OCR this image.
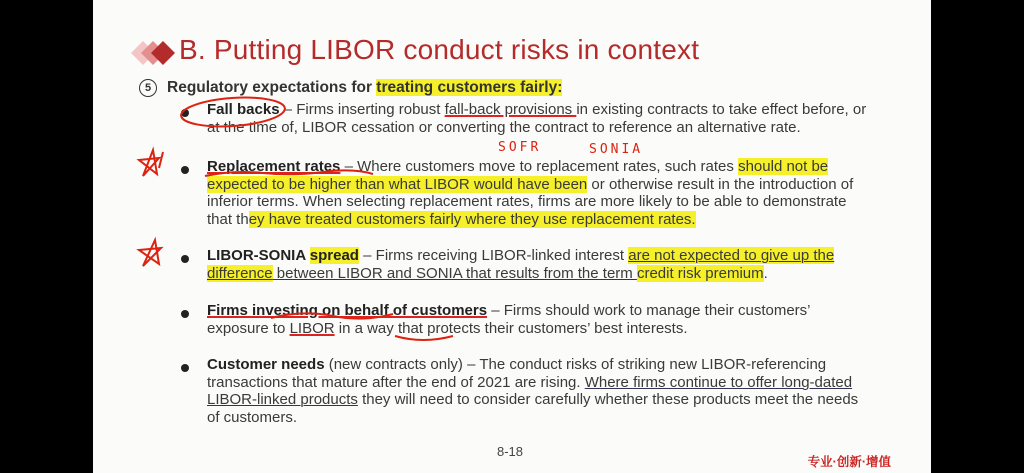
B. Putting LIBOR conduct risks in context
5 Regulatory expectations for treating customers fairly:
Fall backs – Firms inserting robust fall-back provisions in existing contracts to take effect before, or at the time of, LIBOR cessation or converting the contract to reference an alternative rate.
Replacement rates – Where customers move to replacement rates, such rates should not be expected to be higher than what LIBOR would have been or otherwise result in the introduction of inferior terms. When selecting replacement rates, firms are more likely to be able to demonstrate that they have treated customers fairly where they use replacement rates.
LIBOR-SONIA spread – Firms receiving LIBOR-linked interest are not expected to give up the difference between LIBOR and SONIA that results from the term credit risk premium.
Firms investing on behalf of customers – Firms should work to manage their customers’ exposure to LIBOR in a way that protects their customers’ best interests.
Customer needs (new contracts only) – The conduct risks of striking new LIBOR-referencing transactions that mature after the end of 2021 are rising. Where firms continue to offer long-dated LIBOR-linked products they will need to consider carefully whether these products meet the needs of customers.
SOFR	SONIA
8-18
专业·创新·增值
